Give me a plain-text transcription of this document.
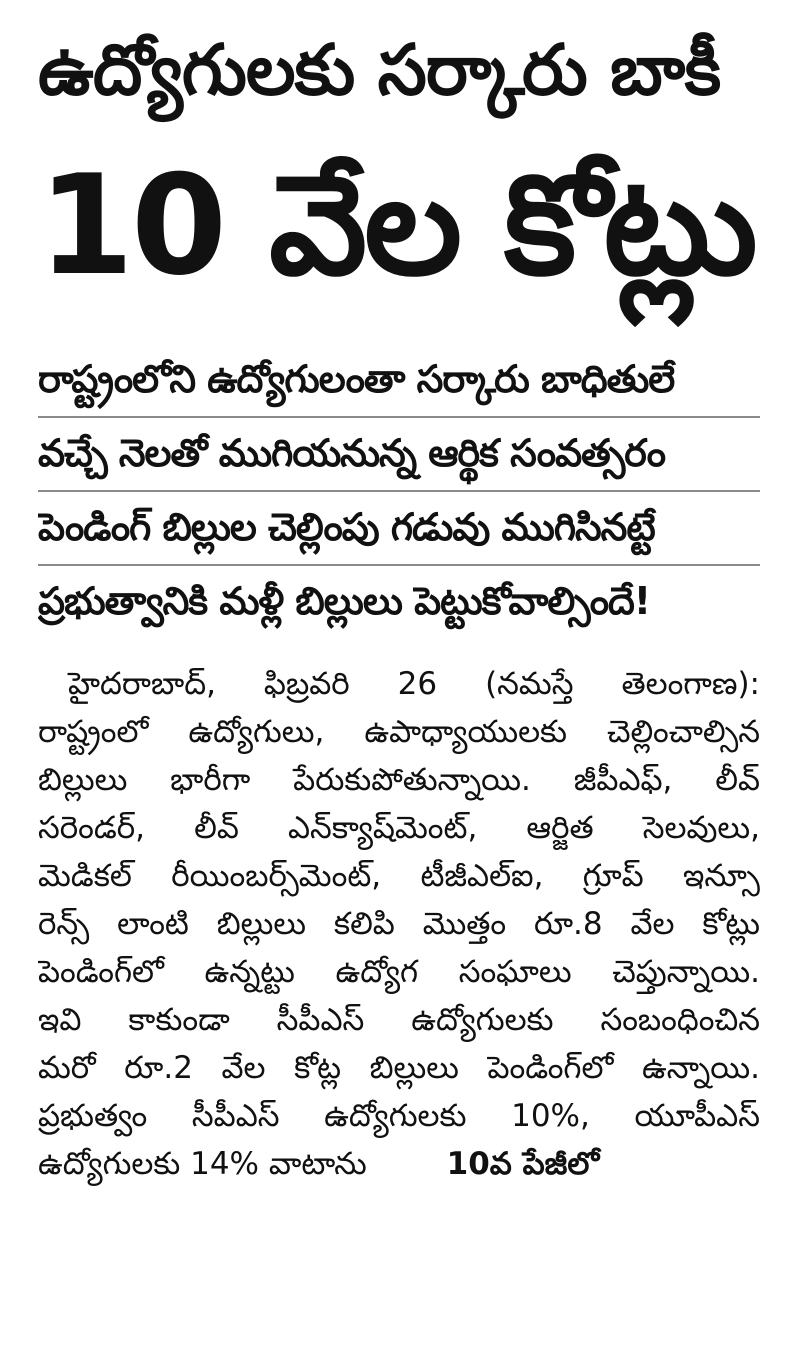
ఉద్యోగులకు సర్కారు బాకీ
10 వేల కోట్లు
రాష్ట్రంలోని ఉద్యోగులంతా సర్కారు బాధితులే
వచ్చే నెలతో ముగియనున్న ఆర్థిక సంవత్సరం
పెండింగ్ బిల్లుల చెల్లింపు గడువు ముగిసినట్టే
ప్రభుత్వానికి మళ్లీ బిల్లులు పెట్టుకోవాల్సిందే!
హైదరాబాద్, ఫిబ్రవరి 26 (నమస్తే తెలంగాణ):
రాష్ట్రంలో ఉద్యోగులు, ఉపాధ్యాయులకు చెల్లించాల్సిన
బిల్లులు భారీగా పేరుకుపోతున్నాయి. జీపీఎఫ్, లీవ్
సరెండర్, లీవ్ ఎన్‌క్యాష్‌మెంట్, ఆర్జిత సెలవులు,
మెడికల్ రీయింబర్స్‌మెంట్, టీజీఎల్‌ఐ, గ్రూప్ ఇన్సూ
రెన్స్ లాంటి బిల్లులు కలిపి మొత్తం రూ.8 వేల కోట్లు
పెండింగ్‌లో ఉన్నట్టు ఉద్యోగ సంఘాలు చెప్తున్నాయి.
ఇవి కాకుండా సీపీఎస్ ఉద్యోగులకు సంబంధించిన
మరో రూ.2 వేల కోట్ల బిల్లులు పెండింగ్‌లో ఉన్నాయి.
ప్రభుత్వం సీపీఎస్ ఉద్యోగులకు 10%, యూపీఎస్
ఉద్యోగులకు 14% వాటాను	10వ పేజీలో
